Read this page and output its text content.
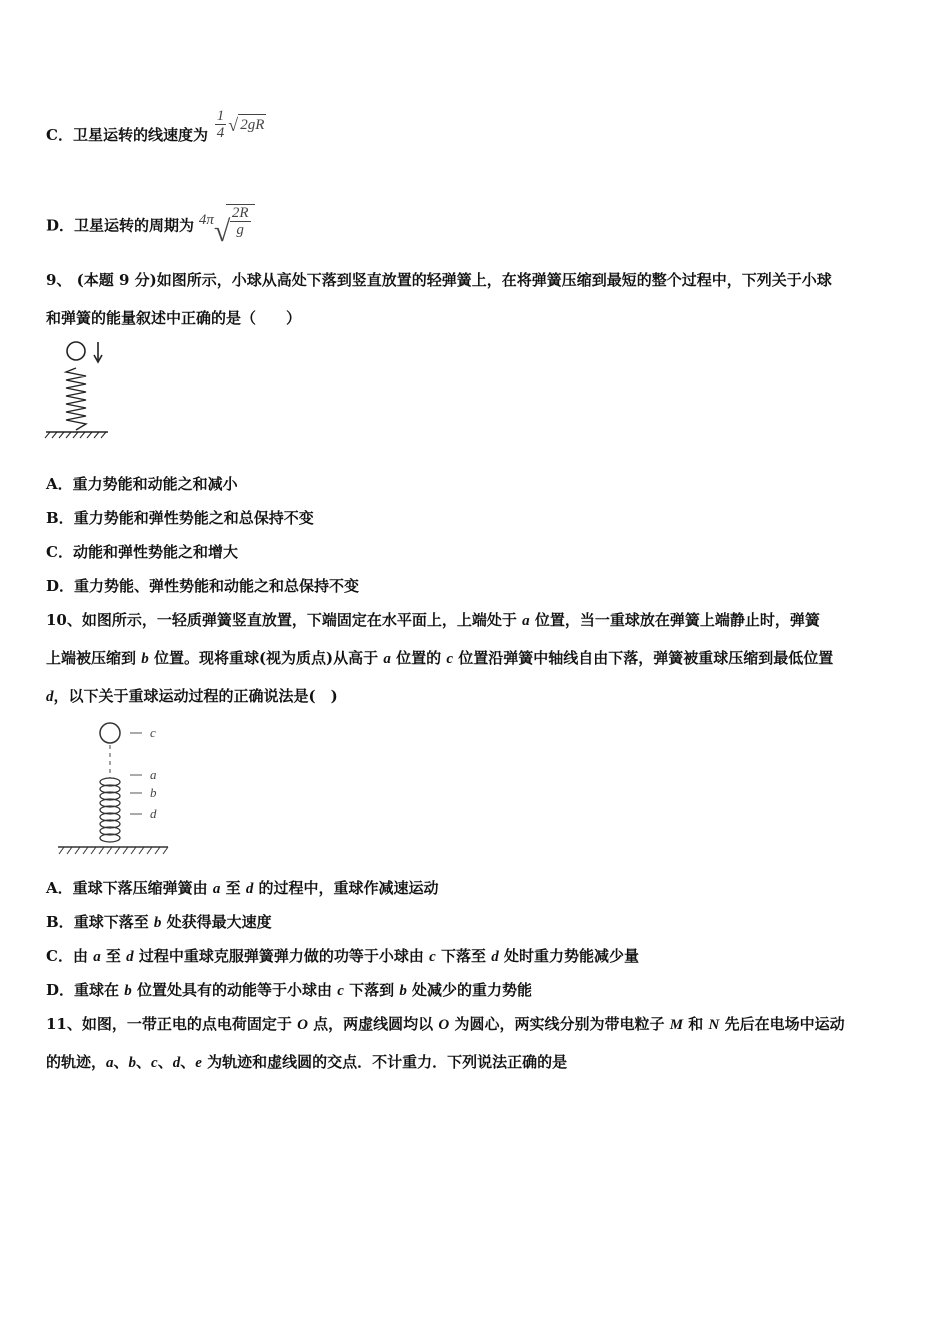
C．卫星运转的线速度为 $\frac{1}{4}$ √ 2gR
D．卫星运转的周期为 4π √ $\frac{2R}{g}$
9、 (本题 9 分)如图所示，小球从高处下落到竖直放置的轻弹簧上，在将弹簧压缩到最短的整个过程中，下列关于小球
和弹簧的能量叙述中正确的是（　　）
A．重力势能和动能之和减小
B．重力势能和弹性势能之和总保持不变
C．动能和弹性势能之和增大
D．重力势能、弹性势能和动能之和总保持不变
10、如图所示，一轻质弹簧竖直放置，下端固定在水平面上，上端处于 a 位置，当一重球放在弹簧上端静止时，弹簧
上端被压缩到 b 位置。现将重球(视为质点)从高于 a 位置的 c 位置沿弹簧中轴线自由下落，弹簧被重球压缩到最低位置
d，以下关于重球运动过程的正确说法是(　)
c
a
b
d
A．重球下落压缩弹簧由 a 至 d 的过程中，重球作减速运动
B．重球下落至 b 处获得最大速度
C．由 a 至 d 过程中重球克服弹簧弹力做的功等于小球由 c 下落至 d 处时重力势能减少量
D．重球在 b 位置处具有的动能等于小球由 c 下落到 b 处减少的重力势能
11、如图，一带正电的点电荷固定于 O 点，两虚线圆均以 O 为圆心，两实线分别为带电粒子 M 和 N 先后在电场中运动
的轨迹，a、b、c、d、e 为轨迹和虚线圆的交点．不计重力．下列说法正确的是
